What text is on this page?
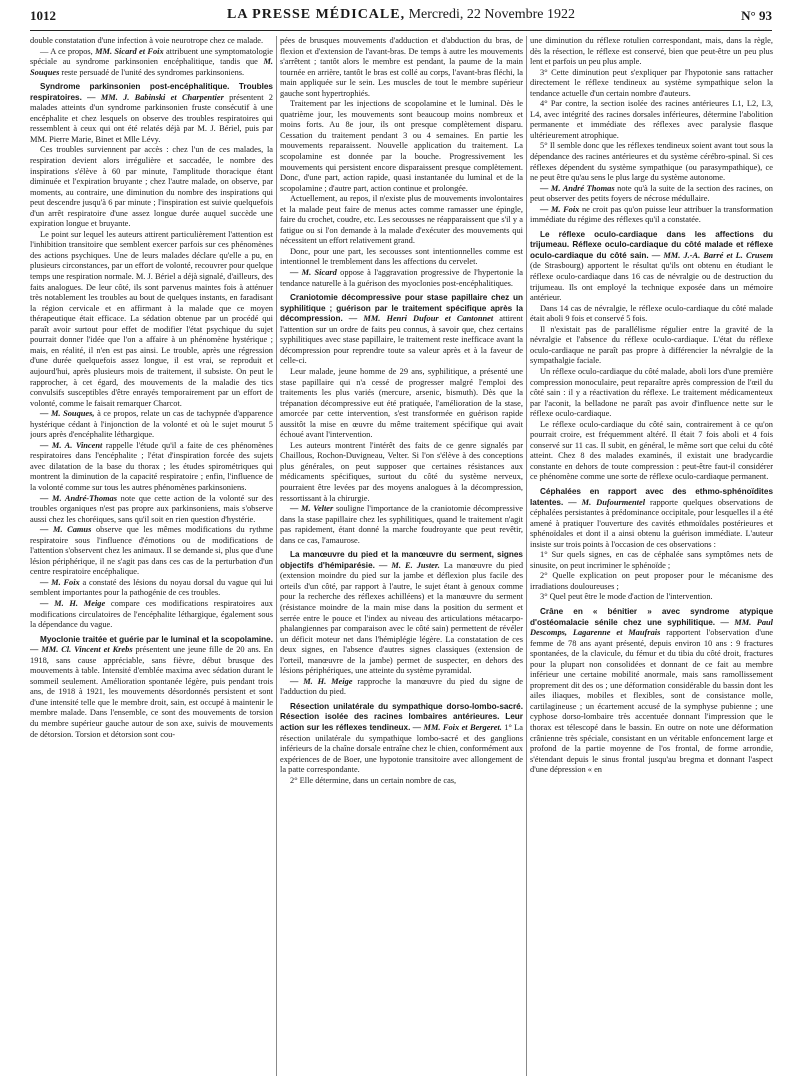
1012	LA PRESSE MÉDICALE, Mercredi, 22 Novembre 1922	N° 93

double constatation d'une infection à voie neurotrope chez ce malade.

— A ce propos, MM. Sicard et Foix attribuent une symptomatologie spéciale au syndrome parkinsonien encéphalitique, tandis que M. Souques reste persuadé de l'unité des syndromes parkinsoniens.

Syndrome parkinsonien post-encéphalitique. Troubles respiratoires. — MM. J. Babinski et Charpentier présentent 2 malades atteints d'un syndrome parkinsonien fruste consécutif à une encéphalite et chez lesquels on observe des troubles respiratoires qui ressemblent à ceux qui ont été relatés déjà par M. J. Bériel, puis par MM. Pierre Marie, Binet et Mlle Lévy.

Ces troubles surviennent par accès : chez l'un de ces malades, la respiration devient alors irrégulière et saccadée, le nombre des inspirations s'élève à 60 par minute, l'amplitude thoracique étant diminuée et l'expiration bruyante ; chez l'autre malade, on observe, par moments, au contraire, une diminution du nombre des inspirations qui peut descendre jusqu'à 6 par minute ; l'inspiration est suivie quelquefois d'un arrêt respiratoire d'une assez longue durée auquel succède une expiration longue et bruyante.

Le point sur lequel les auteurs attirent particulièrement l'attention est l'inhibition transitoire que semblent exercer parfois sur ces phénomènes des actions psychiques. Une de leurs malades déclare qu'elle a pu, en plusieurs circonstances, par un effort de volonté, recouvrer pour quelque temps une respiration normale. M. J. Bériel a déjà signalé, d'ailleurs, des faits analogues. De leur côté, ils sont parvenus maintes fois à atténuer très notablement les troubles au bout de quelques instants, en faradisant la région cervicale et en affirmant à la malade que ce moyen thérapeutique était efficace. La sédation obtenue par un procédé qui paraît avoir surtout pour effet de modifier l'état psychique du sujet pourrait donner l'idée que l'on a affaire à un phénomène hystérique ; mais, en réalité, il n'en est pas ainsi. Le trouble, après une régression d'une durée quelquefois assez longue, il est vrai, se reproduit et aujourd'hui, après plusieurs mois de traitement, il subsiste. On peut le rapprocher, à cet égard, des mouvements de la maladie des tics convulsifs susceptibles d'être enrayés temporairement par un effort de volonté, comme le faisait remarquer Charcot.

— M. Souques, à ce propos, relate un cas de tachypnée d'apparence hystérique cédant à l'injonction de la volonté et où le sujet mourut 5 jours après d'encéphalite léthargique.

— M. A. Vincent rappelle l'étude qu'il a faite de ces phénomènes respiratoires dans l'encéphalite ; l'état d'inspiration forcée des sujets avec dilatation de la base du thorax ; les études spirométriques qui montrent la diminution de la capacité respiratoire ; enfin, l'influence de la volonté comme sur tous les autres phénomènes parkinsoniens.

— M. André-Thomas note que cette action de la volonté sur des troubles organiques n'est pas propre aux parkinsoniens, mais s'observe aussi chez les choréiques, sans qu'il soit en rien question d'hystérie.

— M. Camus observe que les mêmes modifications du rythme respiratoire sous l'influence d'émotions ou de modifications de l'attention s'observent chez les animaux. Il se demande si, plus que d'une lésion périphérique, il ne s'agit pas dans ces cas de la perturbation d'un centre respiratoire encéphalique.

— M. Foix a constaté des lésions du noyau dorsal du vague qui lui semblent importantes pour la pathogénie de ces troubles.

— M. H. Meige compare ces modifications respiratoires aux modifications circulatoires de l'encéphalite léthargique, également sous la dépendance du vague.

Myoclonie traitée et guérie par le luminal et la scopolamine. — MM. Cl. Vincent et Krebs présentent une jeune fille de 20 ans. En 1918, sans cause appréciable, sans fièvre, début brusque des mouvements à table. Intensité d'emblée maxima avec sédation durant le sommeil seulement. Amélioration spontanée légère, puis pendant trois ans, de 1918 à 1921, les mouvements désordonnés persistent et sont d'une intensité telle que le membre droit, sain, est occupé à maintenir le membre malade. Dans l'ensemble, ce sont des mouvements de torsion du membre supérieur gauche autour de son axe, suivis de mouvements de détorsion. Torsion et détorsion sont cou-

pées de brusques mouvements d'adduction et d'abduction du bras, de flexion et d'extension de l'avant-bras. De temps à autre les mouvements s'arrêtent ; tantôt alors le membre est pendant, la paume de la main tournée en arrière, tantôt le bras est collé au corps, l'avant-bras fléchi, la main appliquée sur le sein. Les muscles de tout le membre supérieur gauche sont hypertrophiés.

Traitement par les injections de scopolamine et le luminal. Dès le quatrième jour, les mouvements sont beaucoup moins nombreux et moins forts. Au 8e jour, ils ont presque complètement disparu. Cessation du traitement pendant 3 ou 4 semaines. En partie les mouvements reparaissent. Nouvelle application du traitement. La scopolamine est donnée par la bouche. Progressivement les mouvements qui persistent encore disparaissent presque complètement. Donc, d'une part, action rapide, quasi instantanée du luminal et de la scopolamine ; d'autre part, action continue et prolongée.

Actuellement, au repos, il n'existe plus de mouvements involontaires et la malade peut faire de menus actes comme ramasser une épingle, faire du crochet, coudre, etc. Les secousses ne réapparaissent que s'il y a fatigue ou si l'on demande à la malade d'exécuter des mouvements qui nécessitent un effort relativement grand.

Donc, pour une part, les secousses sont intentionnelles comme est intentionnel le tremblement dans les affections du cervelet.

— M. Sicard oppose à l'aggravation progressive de l'hypertonie la tendance naturelle à la guérison des myoclonies post-encéphalitiques.

Craniotomie décompressive pour stase papillaire chez un syphilitique ; guérison par le traitement spécifique après la décompression. — MM. Henri Dufour et Cantonnet attirent l'attention sur un ordre de faits peu connus, à savoir que, chez certains syphilitiques avec stase papillaire, le traitement reste inefficace avant la décompression pour reprendre toute sa valeur après et à la faveur de celle-ci.

Leur malade, jeune homme de 29 ans, syphilitique, a présenté une stase papillaire qui n'a cessé de progresser malgré l'emploi des traitements les plus variés (mercure, arsenic, bismuth). Dès que la trépanation décompressive eut été pratiquée, l'amélioration de la stase, amorcée par cette intervention, s'est transformée en guérison rapide aussitôt la mise en œuvre du même traitement spécifique qui avait échoué avant l'intervention.

Les auteurs montrent l'intérêt des faits de ce genre signalés par Chaillous, Rochon-Duvigneau, Velter. Si l'on s'élève à des conceptions plus générales, on peut supposer que certaines résistances aux médicaments spécifiques, surtout du côté du système nerveux, pourraient être levées par des moyens analogues à la décompression, ressortissant à la chirurgie.

— M. Velter souligne l'importance de la craniotomie décompressive dans la stase papillaire chez les syphilitiques, quand le traitement n'agit pas rapidement, étant donné la marche foudroyante que peut revêtir, dans ce cas, l'amaurose.

La manœuvre du pied et la manœuvre du serment, signes objectifs d'hémiparésie. — M. E. Juster. La manœuvre du pied (extension moindre du pied sur la jambe et déflexion plus facile des orteils d'un côté, par rapport à l'autre, le sujet étant à genoux comme pour la recherche des réflexes achilléens) et la manœuvre du serment (résistance moindre de la main mise dans la position du serment et serrée entre le pouce et l'index au niveau des articulations métacarpo-phalangiennes par comparaison avec le côté sain) permettent de révéler un déficit moteur net dans l'hémiplégie légère. La constatation de ces deux signes, en l'absence d'autres signes classiques (extension de l'orteil, manœuvre de la jambe) permet de suspecter, en dehors des lésions périphériques, une atteinte du système pyramidal.

— M. H. Meige rapproche la manœuvre du pied du signe de l'adduction du pied.

Résection unilatérale du sympathique dorso-lombo-sacré. Résection isolée des racines lombaires antérieures. Leur action sur les réflexes tendineux. — MM. Foix et Bergeret. 1° La résection unilatérale du sympathique lombo-sacré et des ganglions inférieurs de la chaîne dorsale entraîne chez le chien, conformément aux expériences de de Boer, une hypotonie transitoire avec allongement de la patte correspondante.

2° Elle détermine, dans un certain nombre de cas,

une diminution du réflexe rotulien correspondant, mais, dans la règle, dès la résection, le réflexe est conservé, bien que peut-être un peu plus lent et parfois un peu plus ample.

3° Cette diminution peut s'expliquer par l'hypotonie sans rattacher directement le réflexe tendineux au système sympathique selon la tendance actuelle d'un certain nombre d'auteurs.

4° Par contre, la section isolée des racines antérieures L1, L2, L3, L4, avec intégrité des racines dorsales inférieures, détermine l'abolition permanente et immédiate des réflexes avec paralysie flasque ultérieurement atrophique.

5° Il semble donc que les réflexes tendineux soient avant tout sous la dépendance des racines antérieures et du système cérébro-spinal. Si ces réflexes dépendent du système sympathique (ou parasympathique), ce ne peut être qu'au sens le plus large du système autonome.

— M. André Thomas note qu'à la suite de la section des racines, on peut observer des petits foyers de nécrose médullaire.

— M. Foix ne croit pas qu'on puisse leur attribuer la transformation immédiate du régime des réflexes qu'il a constatée.

Le réflexe oculo-cardiaque dans les affections du trijumeau. Réflexe oculo-cardiaque du côté malade et réflexe oculo-cardiaque du côté sain. — MM. J.-A. Barré et L. Crusem (de Strasbourg) apportent le résultat qu'ils ont obtenu en étudiant le réflexe oculo-cardiaque dans 16 cas de névralgie ou de destruction du trijumeau. Ils ont employé la technique exposée dans un mémoire antérieur.

Dans 14 cas de névralgie, le réflexe oculo-cardiaque du côté malade était aboli 9 fois et conservé 5 fois.

Il n'existait pas de parallélisme régulier entre la gravité de la névralgie et l'absence du réflexe oculo-cardiaque. L'état du réflexe oculo-cardiaque ne paraît pas propre à différencier la névralgie de la sympathalgie faciale.

Un réflexe oculo-cardiaque du côté malade, aboli lors d'une première compression monoculaire, peut reparaître après compression de l'œil du côté sain : il y a réactivation du réflexe. Le traitement médicamenteux par l'aconit, la belladone ne paraît pas avoir d'influence nette sur le réflexe oculo-cardiaque.

Le réflexe oculo-cardiaque du côté sain, contrairement à ce qu'on pourrait croire, est fréquemment altéré. Il était 7 fois aboli et 4 fois conservé sur 11 cas. Il subit, en général, le même sort que celui du côté atteint. Chez 8 des malades examinés, il existait une bradycardie constante en dehors de toute compression : peut-être faut-il considérer ce phénomène comme une sorte de réflexe oculo-cardiaque permanent.

Céphalées en rapport avec des ethmo-sphénoïdites latentes. — M. Dufourmentel rapporte quelques observations de céphalées persistantes à prédominance occipitale, pour lesquelles il a été amené à pratiquer l'ouverture des cavités ethmoïdales postérieures et sphénoïdales et dont il a ainsi obtenu la guérison immédiate. L'auteur insiste sur trois points à l'occasion de ces observations :

1° Sur quels signes, en cas de céphalée sans symptômes nets de sinusite, on peut incriminer le sphénoïde ;

2° Quelle explication on peut proposer pour le mécanisme des irradiations douloureuses ;

3° Quel peut être le mode d'action de l'intervention.

Crâne en « bénitier » avec syndrome atypique d'ostéomalacie sénile chez une syphilitique. — MM. Paul Descomps, Lagarenne et Maufrais rapportent l'observation d'une femme de 78 ans ayant présenté, depuis environ 10 ans : 9 fractures spontanées, de la clavicule, du fémur et du tibia du côté droit, fractures pour la plupart non consolidées et donnant de ce fait au membre inférieur une certaine mobilité anormale, mais sans ramollissement proprement dit des os ; une déformation considérable du bassin dont les ailes iliaques, mobiles et flexibles, sont de consistance molle, cartilagineuse ; un écartement accusé de la symphyse pubienne ; une cyphose dorso-lombaire très accentuée donnant l'impression que le thorax est télescopé dans le bassin. En outre on note une déformation crânienne très spéciale, consistant en un véritable enfoncement large et profond de la partie moyenne de l'os frontal, de forme arrondie, s'étendant depuis le sinus frontal jusqu'au bregma et donnant l'aspect d'une dépression « en
